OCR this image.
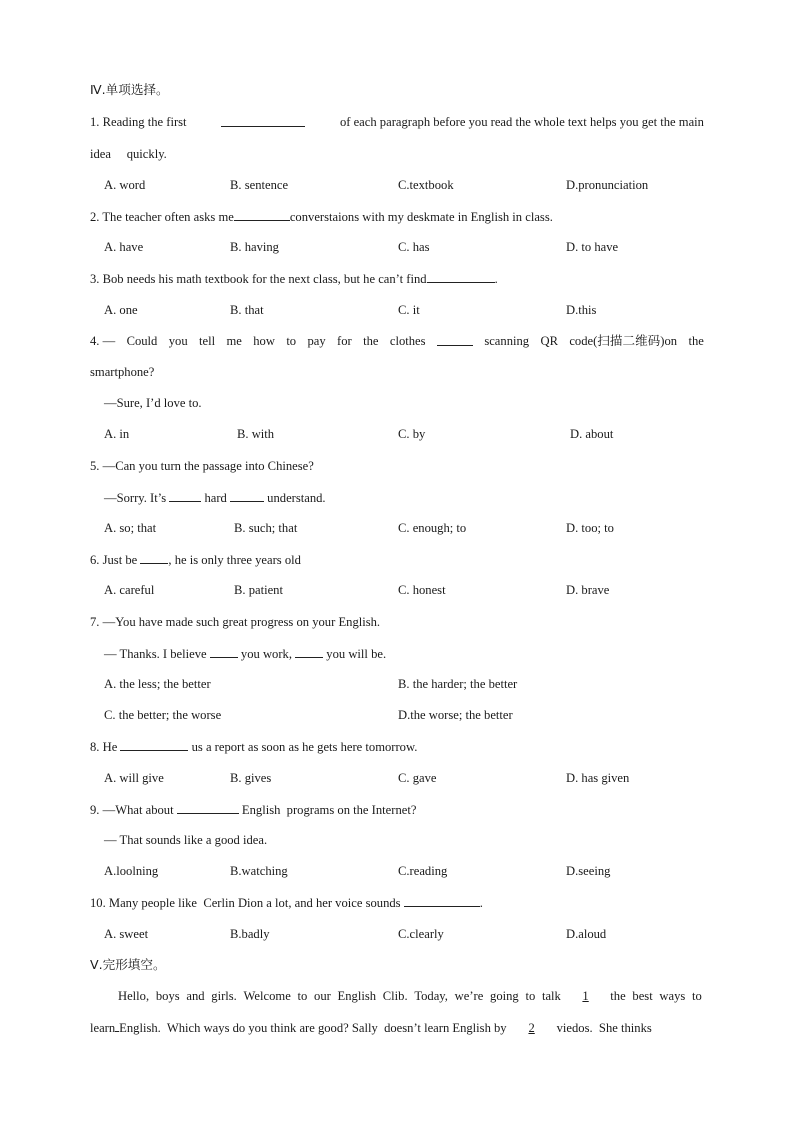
Ⅳ.单项选择。
1. Reading the first	of each paragraph before you read the whole text helps you get the main
idea     quickly.
A. word	B. sentence	C.textbook	D.pronunciation
2. The teacher often asks me	converstaions with my deskmate in English in class.
A. have	B. having	C. has	D. to have
3. Bob needs his math textbook for the next class, but he can’t find	.
A. one	B. that	C. it	D.this
4. — Could you tell me how to pay for the clothes	scanning QR code(扫描二维码)on the
smartphone?
—Sure, I’d love to.
A. in	B. with	C. by	D. about
5. —Can you turn the passage into Chinese?
—Sorry. It’s	hard	understand.
A. so; that	B. such; that	C. enough; to	D. too; to
6. Just be , he is only three years old
A. careful	B. patient	C. honest	D. brave
7. —You have made such great progress on your English.
— Thanks. I believe	you work,	you will be.
A. the less; the better	B. the harder; the better
C. the better; the worse	D.the worse; the better
8. He	us a report as soon as he gets here tomorrow.
A. will give	B. gives	C. gave	D. has given
9. —What about	English  programs on the Internet?
— That sounds like a good idea.
A.loolning	B.watching	C.reading	D.seeing
10. Many people like  Cerlin Dion a lot, and her voice sounds	.
A. sweet	B.badly	C.clearly	D.aloud
Ⅴ.完形填空。
Hello, boys and girls. Welcome to our English Clib. Today, we’re going to talk	1	the best ways to
learn English.  Which ways do you think are good? Sally  doesn’t learn English by 2 viedos.  She thinks
